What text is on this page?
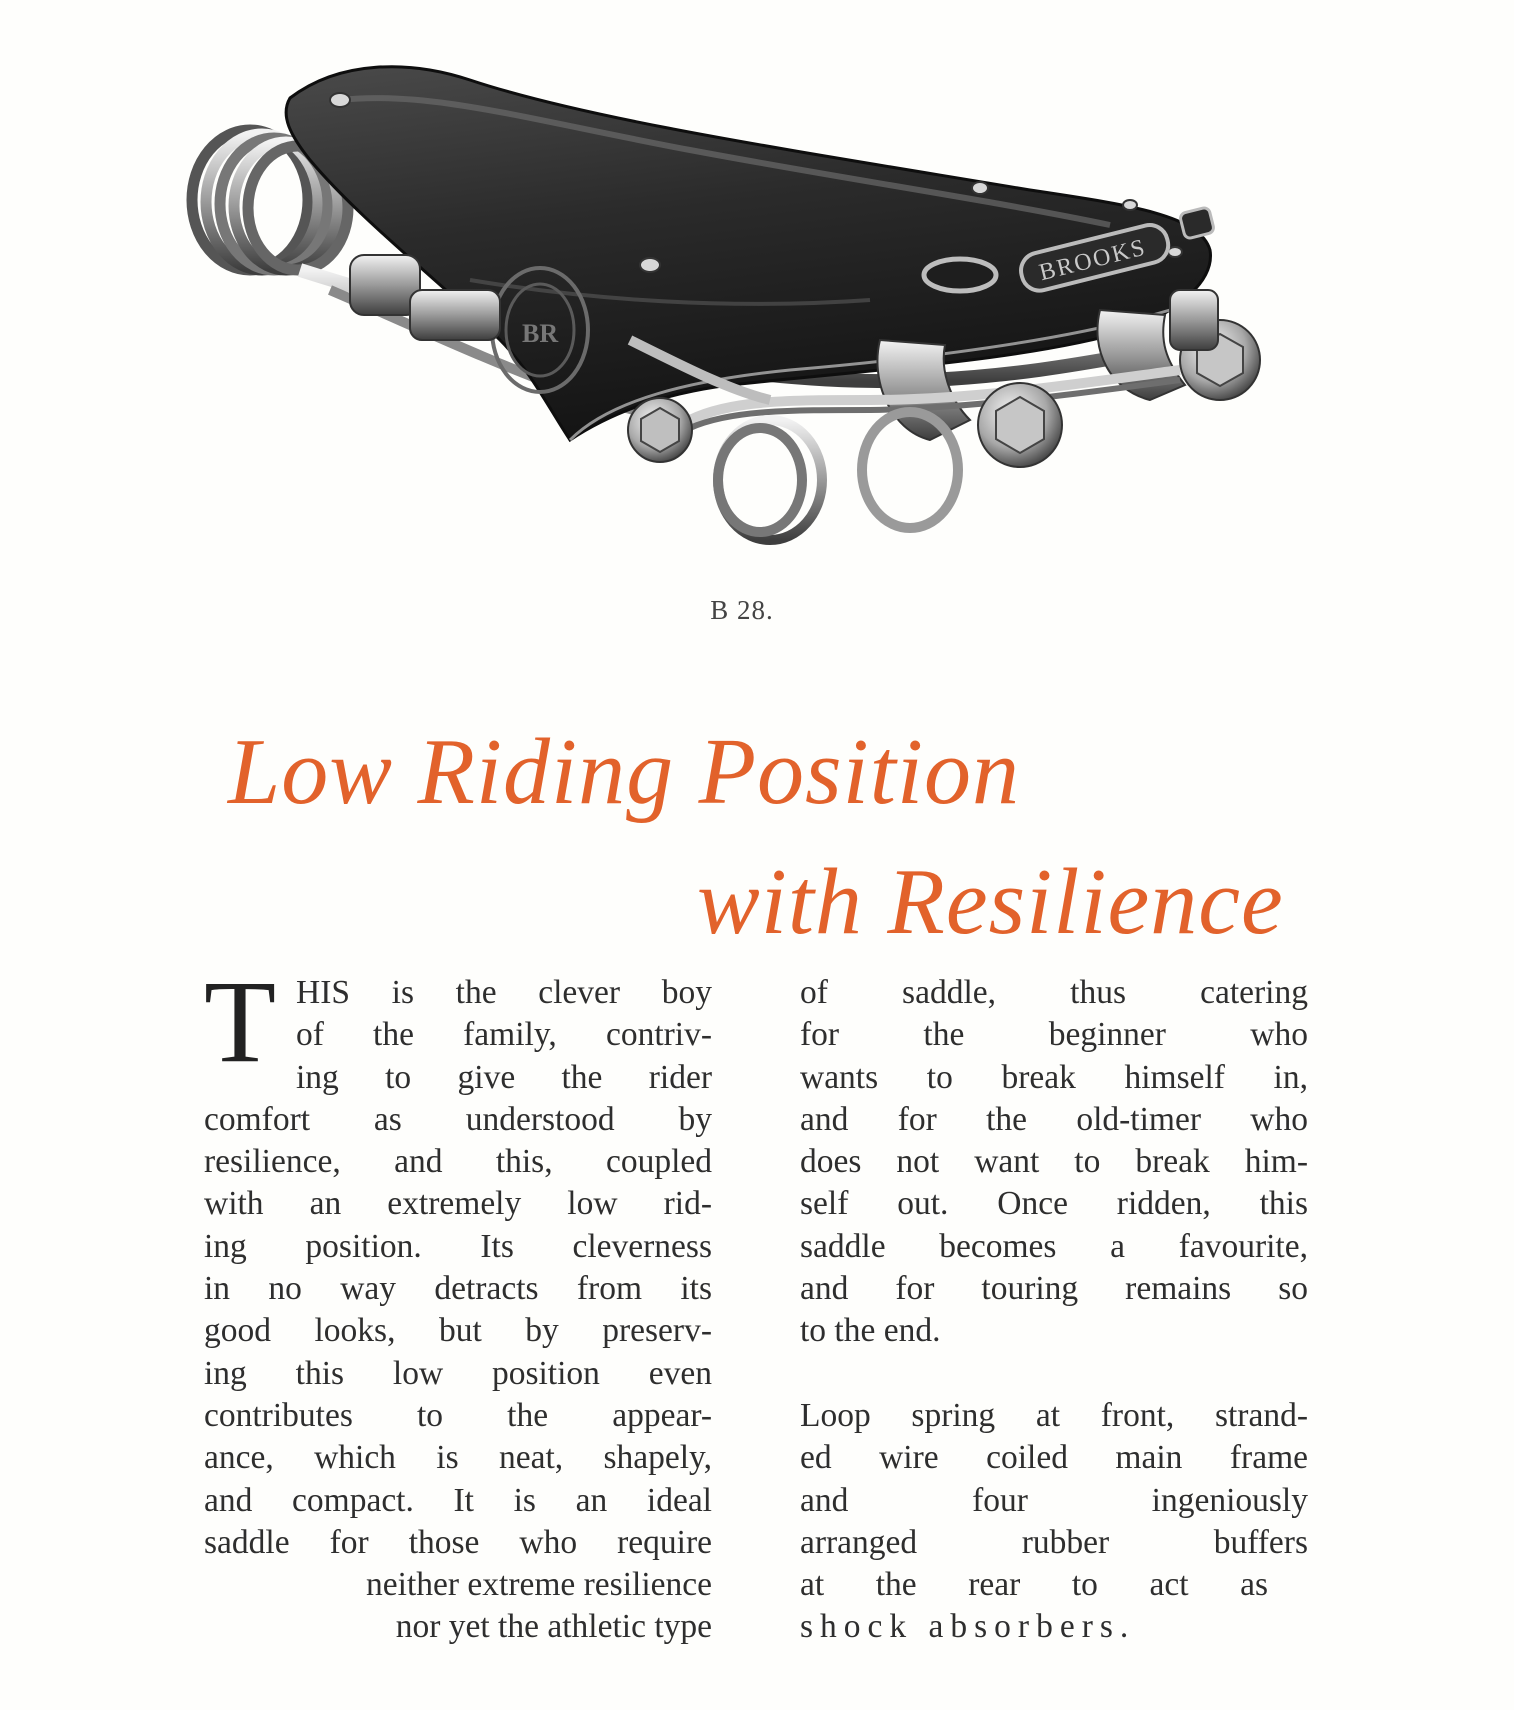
BR
BROOKS
B 28.
Low Riding Position
with Resilience
T HIS is the clever boy
of the family, contriv-
ing to give the rider
comfort as understood by
resilience, and this, coupled
with an extremely low rid-
ing position. Its cleverness
in no way detracts from its
good looks, but by preserv-
ing this low position even
contributes to the appear-
ance, which is neat, shapely,
and compact. It is an ideal
saddle for those who require
neither extreme resilience
nor yet the athletic type
of saddle, thus catering
for the beginner who
wants to break himself in,
and for the old-timer who
does not want to break him-
self out. Once ridden, this
saddle becomes a favourite,
and for touring remains so
to the end.
Loop spring at front, strand-
ed wire coiled main frame
and four ingeniously
arranged rubber buffers
at the rear to act as
shock absorbers.
